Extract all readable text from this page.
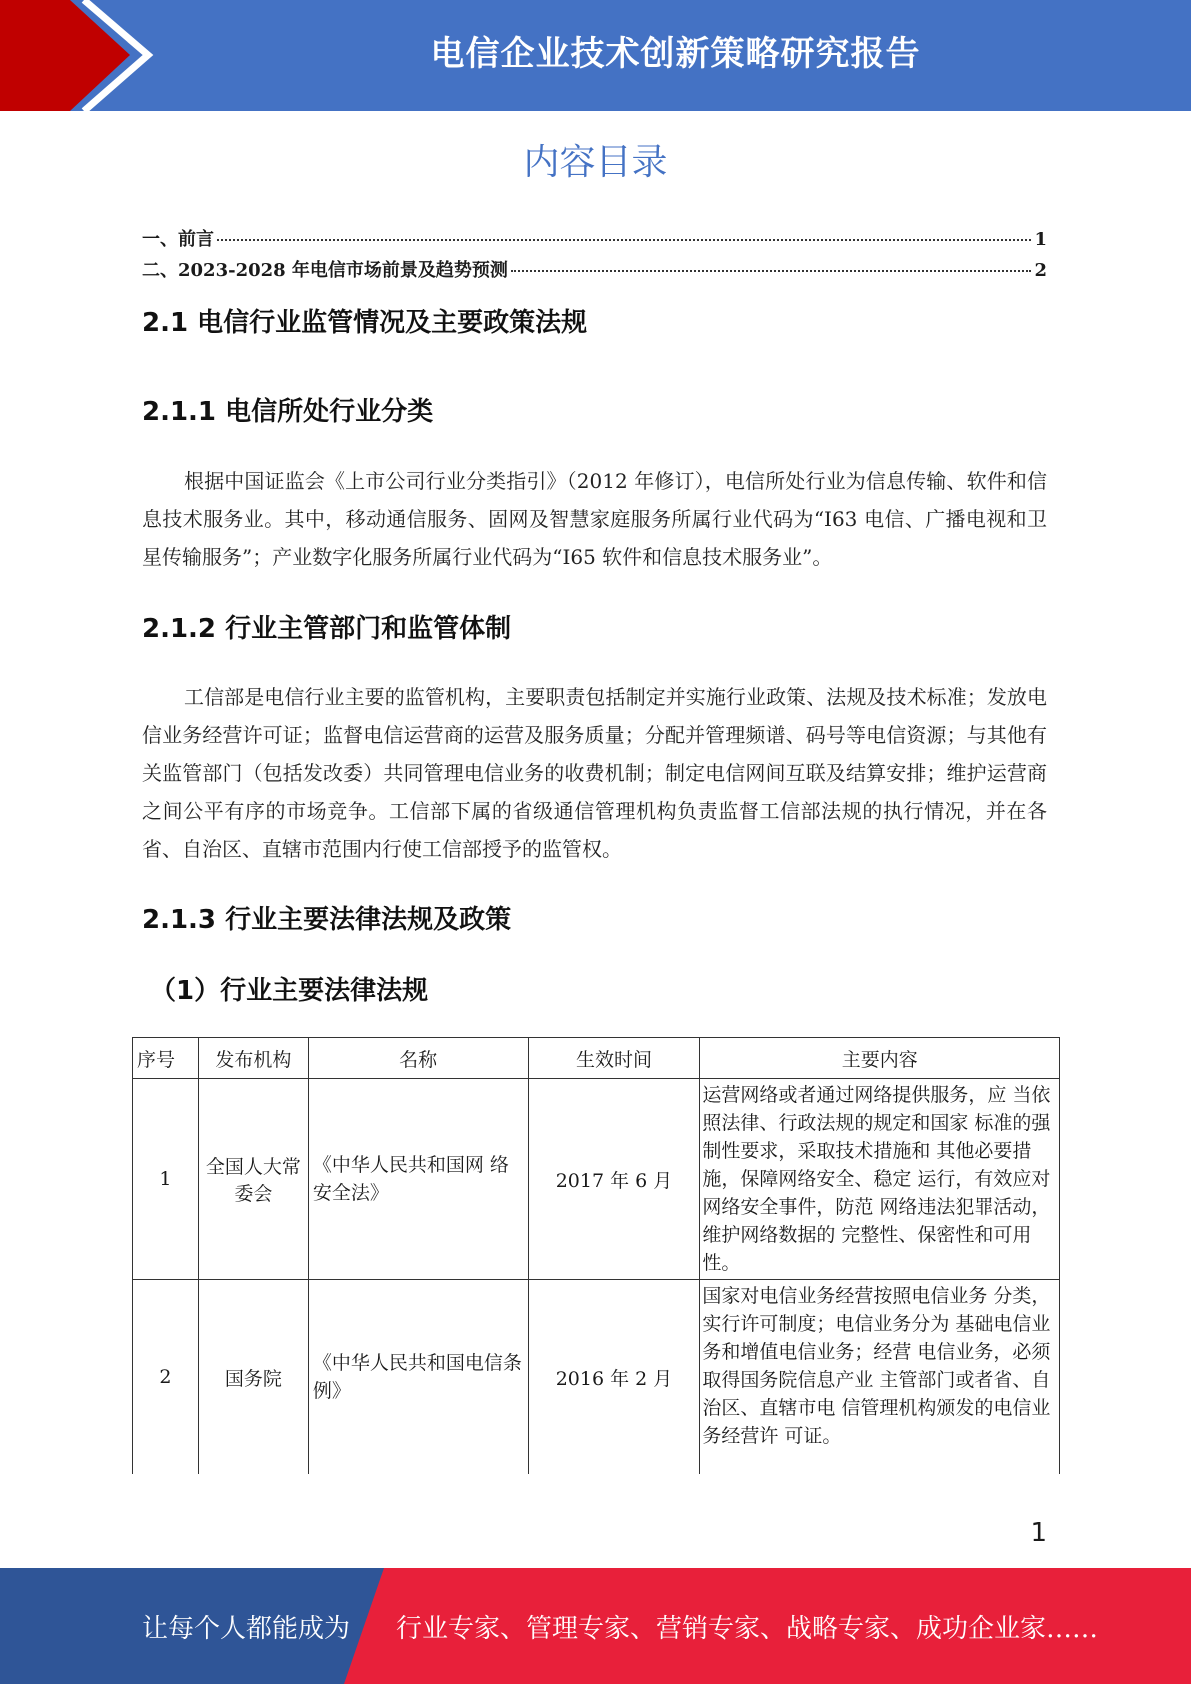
电信企业技术创新策略研究报告
内容目录
一、前言	1
二、2023-2028 年电信市场前景及趋势预测	2
2.1 电信行业监管情况及主要政策法规
2.1.1 电信所处行业分类
根据中国证监会《上市公司行业分类指引》（2012 年修订），电信所处行业为信息传输、软件和信息技术服务业。其中，移动通信服务、固网及智慧家庭服务所属行业代码为“I63 电信、广播电视和卫星传输服务”；产业数字化服务所属行业代码为“I65 软件和信息技术服务业”。
2.1.2 行业主管部门和监管体制
工信部是电信行业主要的监管机构，主要职责包括制定并实施行业政策、法规及技术标准；发放电信业务经营许可证；监督电信运营商的运营及服务质量；分配并管理频谱、码号等电信资源；与其他有关监管部门（包括发改委）共同管理电信业务的收费机制；制定电信网间互联及结算安排；维护运营商之间公平有序的市场竞争。工信部下属的省级通信管理机构负责监督工信部法规的执行情况，并在各省、自治区、直辖市范围内行使工信部授予的监管权。
2.1.3 行业主要法律法规及政策
（1）行业主要法律法规
序号	发布机构	名称	生效时间	主要内容
1	全国人大常委会	《中华人民共和国网 络安全法》	2017 年 6 月	运营网络或者通过网络提供服务，应 当依照法律、行政法规的规定和国家 标准的强制性要求，采取技术措施和 其他必要措施，保障网络安全、稳定 运行，有效应对网络安全事件，防范 网络违法犯罪活动，维护网络数据的 完整性、保密性和可用性。
2	国务院	《中华人民共和国电信条例》	2016 年 2 月	国家对电信业务经营按照电信业务 分类，实行许可制度；电信业务分为 基础电信业务和增值电信业务；经营 电信业务，必须取得国务院信息产业 主管部门或者省、自治区、直辖市电 信管理机构颁发的电信业务经营许 可证。
1
让每个人都能成为 行业专家、管理专家、营销专家、战略专家、成功企业家……
